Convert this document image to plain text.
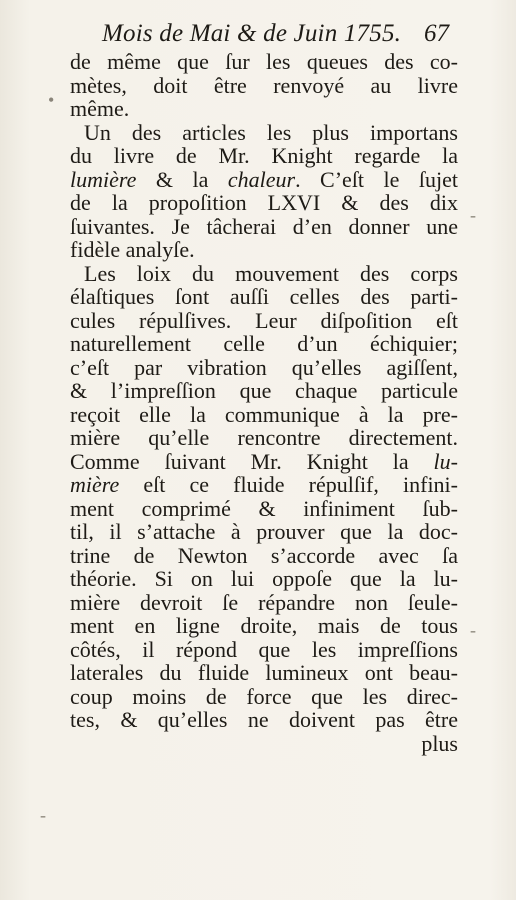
Mois de Mai & de Juin 1755. 67
•
-
-
-
de même que ſur les queues des co-
mètes, doit être renvoyé au livre
même.
Un des articles les plus importans
du livre de Mr. Knight regarde la
lumière & la chaleur. C’eſt le ſujet
de la propoſition LXVI & des dix
ſuivantes. Je tâcherai d’en donner une
fidèle analyſe.
Les loix du mouvement des corps
élaſtiques ſont auſſi celles des parti-
cules répulſives. Leur diſpoſition eſt
naturellement celle d’un échiquier;
c’eſt par vibration qu’elles agiſſent,
& l’impreſſion que chaque particule
reçoit elle la communique à la pre-
mière qu’elle rencontre directement.
Comme ſuivant Mr. Knight la lu-
mière eſt ce fluide répulſif, infini-
ment comprimé & infiniment ſub-
til, il s’attache à prouver que la doc-
trine de Newton s’accorde avec ſa
théorie. Si on lui oppoſe que la lu-
mière devroit ſe répandre non ſeule-
ment en ligne droite, mais de tous
côtés, il répond que les impreſſions
laterales du fluide lumineux ont beau-
coup moins de force que les direc-
tes, & qu’elles ne doivent pas être
plus
